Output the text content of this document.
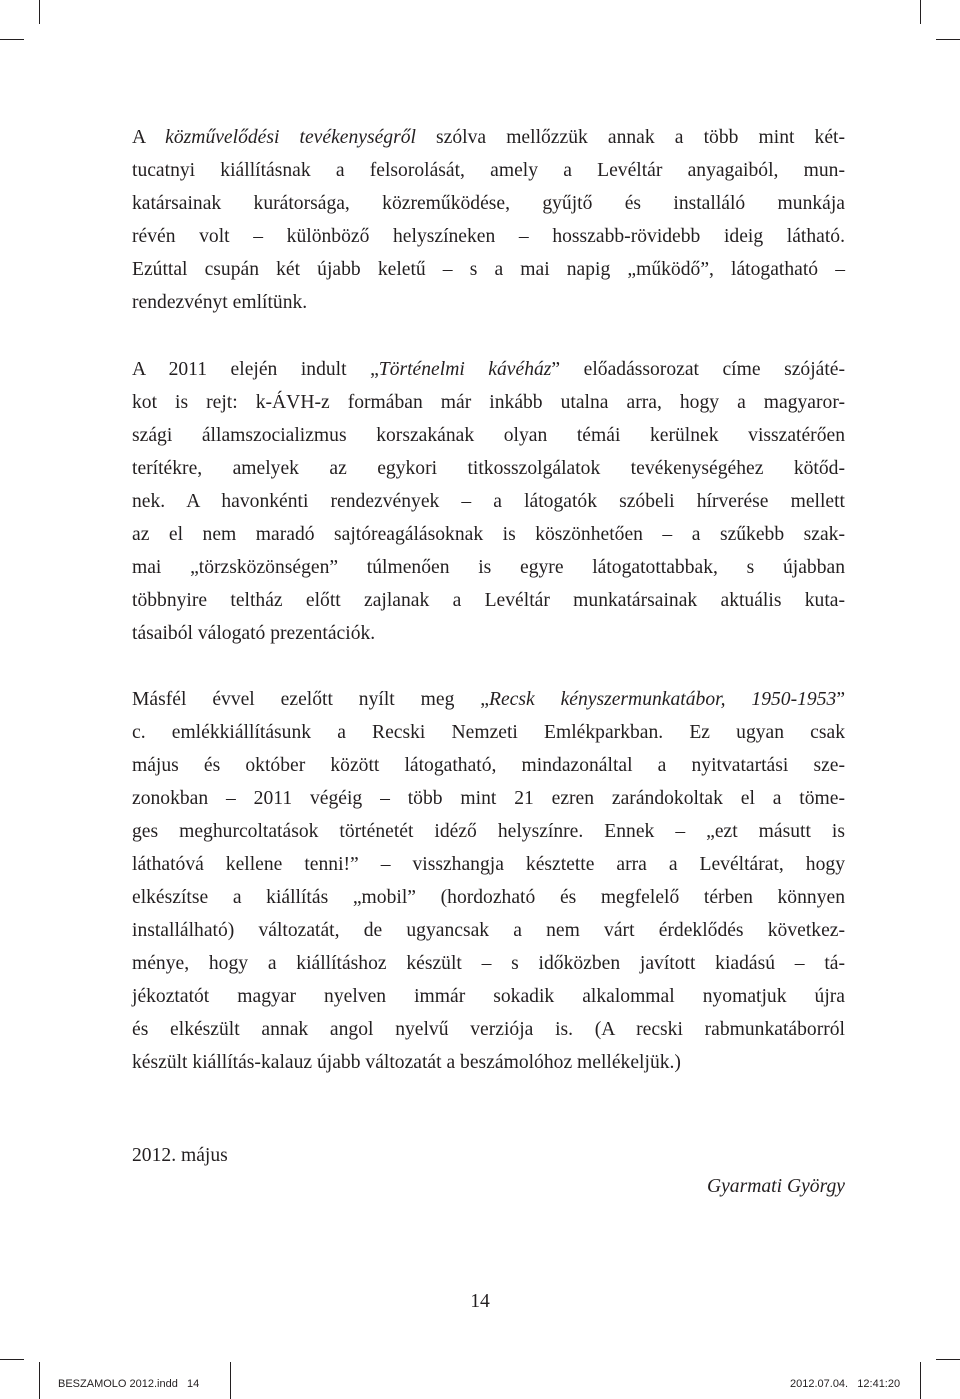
A közművelődési tevékenységről szólva mellőzzük annak a több mint két-
tucatnyi kiállításnak a felsorolását, amely a Levéltár anyagaiból, mun-
katársainak kurátorsága, közreműködése, gyűjtő és installáló munkája
révén volt – különböző helyszíneken – hosszabb-rövidebb ideig látható.
Ezúttal csupán két újabb keletű – s a mai napig „működő”, látogatható –
rendezvényt említünk.
A 2011 elején indult „Történelmi kávéház” előadássorozat címe szójáté-
kot is rejt: k-ÁVH-z formában már inkább utalna arra, hogy a magyaror-
szági államszocializmus korszakának olyan témái kerülnek visszatérően
terítékre, amelyek az egykori titkosszolgálatok tevékenységéhez kötőd-
nek. A havonkénti rendezvények – a látogatók szóbeli hírverése mellett
az el nem maradó sajtóreagálásoknak is köszönhetően – a szűkebb szak-
mai „törzsközönségen” túlmenően is egyre látogatottabbak, s újabban
többnyire teltház előtt zajlanak a Levéltár munkatársainak aktuális kuta-
tásaiból válogató prezentációk.
Másfél évvel ezelőtt nyílt meg „Recsk kényszermunkatábor, 1950-1953”
c. emlékkiállításunk a Recski Nemzeti Emlékparkban. Ez ugyan csak
május és október között látogatható, mindazonáltal a nyitvatartási sze-
zonokban – 2011 végéig – több mint 21 ezren zarándokoltak el a töme-
ges meghurcoltatások történetét idéző helyszínre. Ennek – „ezt másutt is
láthatóvá kellene tenni!” – visszhangja késztette arra a Levéltárat, hogy
elkészítse a kiállítás „mobil” (hordozható és megfelelő térben könnyen
installálható) változatát, de ugyancsak a nem várt érdeklődés következ-
ménye, hogy a kiállításhoz készült – s időközben javított kiadású – tá-
jékoztatót magyar nyelven immár sokadik alkalommal nyomatjuk újra
és elkészült annak angol nyelvű verziója is. (A recski rabmunkatáborról
készült kiállítás-kalauz újabb változatát a beszámolóhoz mellékeljük.)
2012. május
Gyarmati György
14
BESZAMOLO 2012.indd   14	2012.07.04.   12:41:20
